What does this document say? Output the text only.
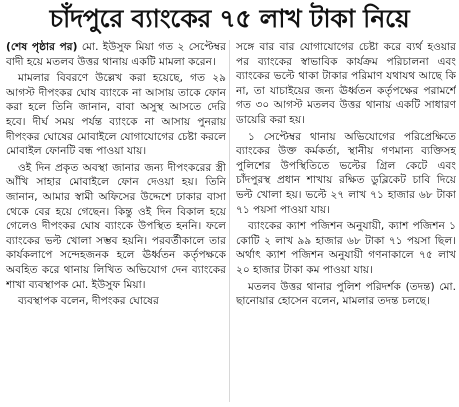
চাঁদপুরে ব্যাংকের ৭৫ লাখ টাকা নিয়ে

(শেষ পৃষ্ঠার পর) মো. ইউসুফ মিয়া গত ২ সেপ্টেম্বর বাদী হয়ে মতলব উত্তর থানায় একটি মামলা করেন।

মামলার বিবরণে উল্লেখ করা হয়েছে, গত ২৯ আগস্ট দীপংকর ঘোষ ব্যাংকে না আসায় তাকে ফোন করা হলে তিনি জানান, বাবা অসুস্থ আসতে দেরি হবে। দীর্ঘ সময় পর্যন্ত ব্যাংকে না আসায় পুনরায় দীপংকর ঘোষের মোবাইলে যোগাযোগের চেষ্টা করলে মোবাইল ফোনটি বন্ধ পাওয়া যায়।

ওই দিন প্রকৃত অবস্থা জানার জন্য দীপংকরের স্ত্রী আঁখি সাহার মোবাইলে ফোন দেওয়া হয়। তিনি জানান, আমার স্বামী অফিসের উদ্দেশে ঢাকার বাসা থেকে বের হয়ে গেছেন। কিন্তু ওই দিন বিকাল হয়ে গেলেও দীপংকর ঘোষ ব্যাংকে উপস্থিত হননি। ফলে ব্যাংকের ভল্ট খোলা সম্ভব হয়নি। পরবর্তীকালে তার কার্যকলাপে সন্দেহজনক হলে ঊর্ধ্বতন কর্তৃপক্ষকে অবহিত করে থানায় লিখিত অভিযোগ দেন ব্যাংকের শাখা ব্যবস্থাপক মো. ইউসুফ মিয়া।

ব্যবস্থাপক বলেন, দীপংকর ঘোষের

সঙ্গে বার বার যোগাযোগের চেষ্টা করে ব্যর্থ হওয়ার পর ব্যাংকের স্বাভাবিক কার্যক্রম পরিচালনা এবং ব্যাংকের ভল্টে থাকা টাকার পরিমাণ যথাযথ আছে কি না, তা যাচাইয়ের জন্য ঊর্ধ্বতন কর্তৃপক্ষের পরামর্শে গত ৩০ আগস্ট মতলব উত্তর থানায় একটি সাধারণ ডায়েরি করা হয়।

১ সেপ্টেম্বর থানায় অভিযোগের পরিপ্রেক্ষিতে ব্যাংকের উক্ত কর্মকর্তা, স্থানীয় গণমান্য ব্যক্তিসহ পুলিশের উপস্থিতিতে ভল্টের গ্রিল কেটে এবং চাঁদপুরস্থ প্রধান শাখায় রক্ষিত ডুব্লিকেট চাবি দিয়ে ভল্ট খোলা হয়। ভল্টে ২৭ লাখ ৭১ হাজার ৬৮ টাকা ৭১ পয়সা পাওয়া যায়।

ব্যাংকের ক্যাশ পজিশন অনুযায়ী, ক্যাশ পজিশন ১ কোটি ২ লাখ ৯৯ হাজার ৬৮ টাকা ৭১ পয়সা ছিল। অর্থাৎ ক্যাশ পজিশন অনুযায়ী গণনাকালে ৭৫ লাখ ২০ হাজার টাকা কম পাওয়া যায়।

মতলব উত্তর থানার পুলিশ পরিদর্শক (তদন্ত) মো. ছানোয়ার হোসেন বলেন, মামলার তদন্ত চলছে।
